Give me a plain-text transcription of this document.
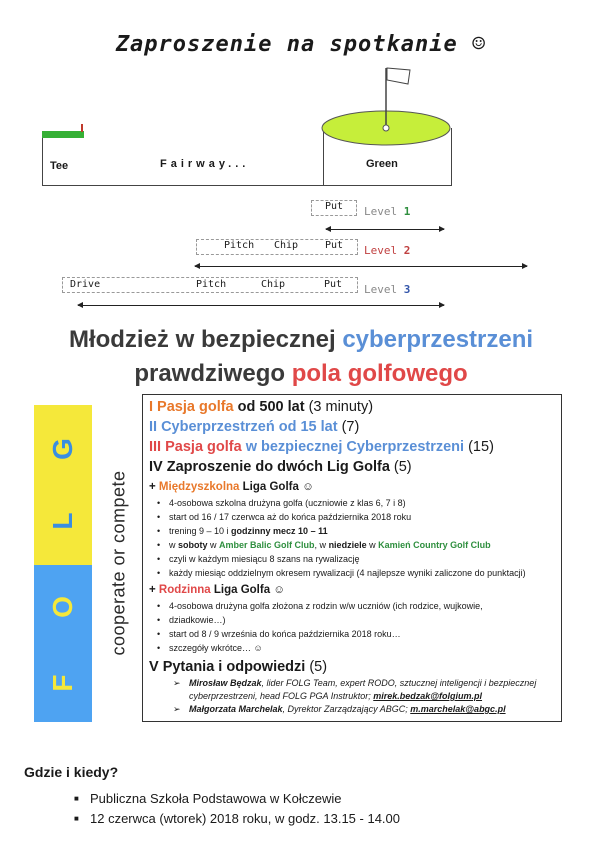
Zaproszenie na spotkanie ☺
Tee	Fairway...	Green
Put Level 1
Pitch Chip	Put Level 2
Drive	Pitch	Chip	Put Level 3
Młodzież w bezpiecznej cyberprzestrzeni
prawdziwego pola golfowego
G
L
O
F
cooperate or compete
I Pasja golfa od 500 lat (3 minuty)
II Cyberprzestrzeń od 15 lat (7)
III Pasja golfa w bezpiecznej Cyberprzestrzeni (15)
IV Zaproszenie do dwóch Lig Golfa (5)
+ Międzyszkolna Liga Golfa ☺
• 4-osobowa szkolna drużyna golfa (uczniowie z klas 6, 7 i 8)
• start od 16 / 17 czerwca aż do końca października 2018 roku
• trening 9 – 10 i godzinny mecz 10 – 11
• w soboty w Amber Balic Golf Club, w niedziele w Kamień Country Golf Club
• czyli w każdym miesiącu 8 szans na rywalizację
• każdy miesiąc oddzielnym okresem rywalizacji (4 najlepsze wyniki zaliczone do punktacji)
+ Rodzinna Liga Golfa ☺
• 4-osobowa drużyna golfa złożona z rodzin w/w uczniów (ich rodzice, wujkowie,
• dziadkowie…)
• start od 8 / 9 września do końca października 2018 roku…
• szczegóły wkrótce… ☺
V Pytania i odpowiedzi (5)
➢ Mirosław Będzak, lider FOLG Team, expert RODO, sztucznej inteligencji i bezpiecznej cyberprzestrzeni, head FOLG PGA Instruktor; mirek.bedzak@folgium.pl
➢ Małgorzata Marchelak, Dyrektor Zarządzający ABGC; m.marchelak@abgc.pl
Gdzie i kiedy?
■ Publiczna Szkoła Podstawowa w Kołczewie
■ 12 czerwca (wtorek) 2018 roku, w godz. 13.15 - 14.00
